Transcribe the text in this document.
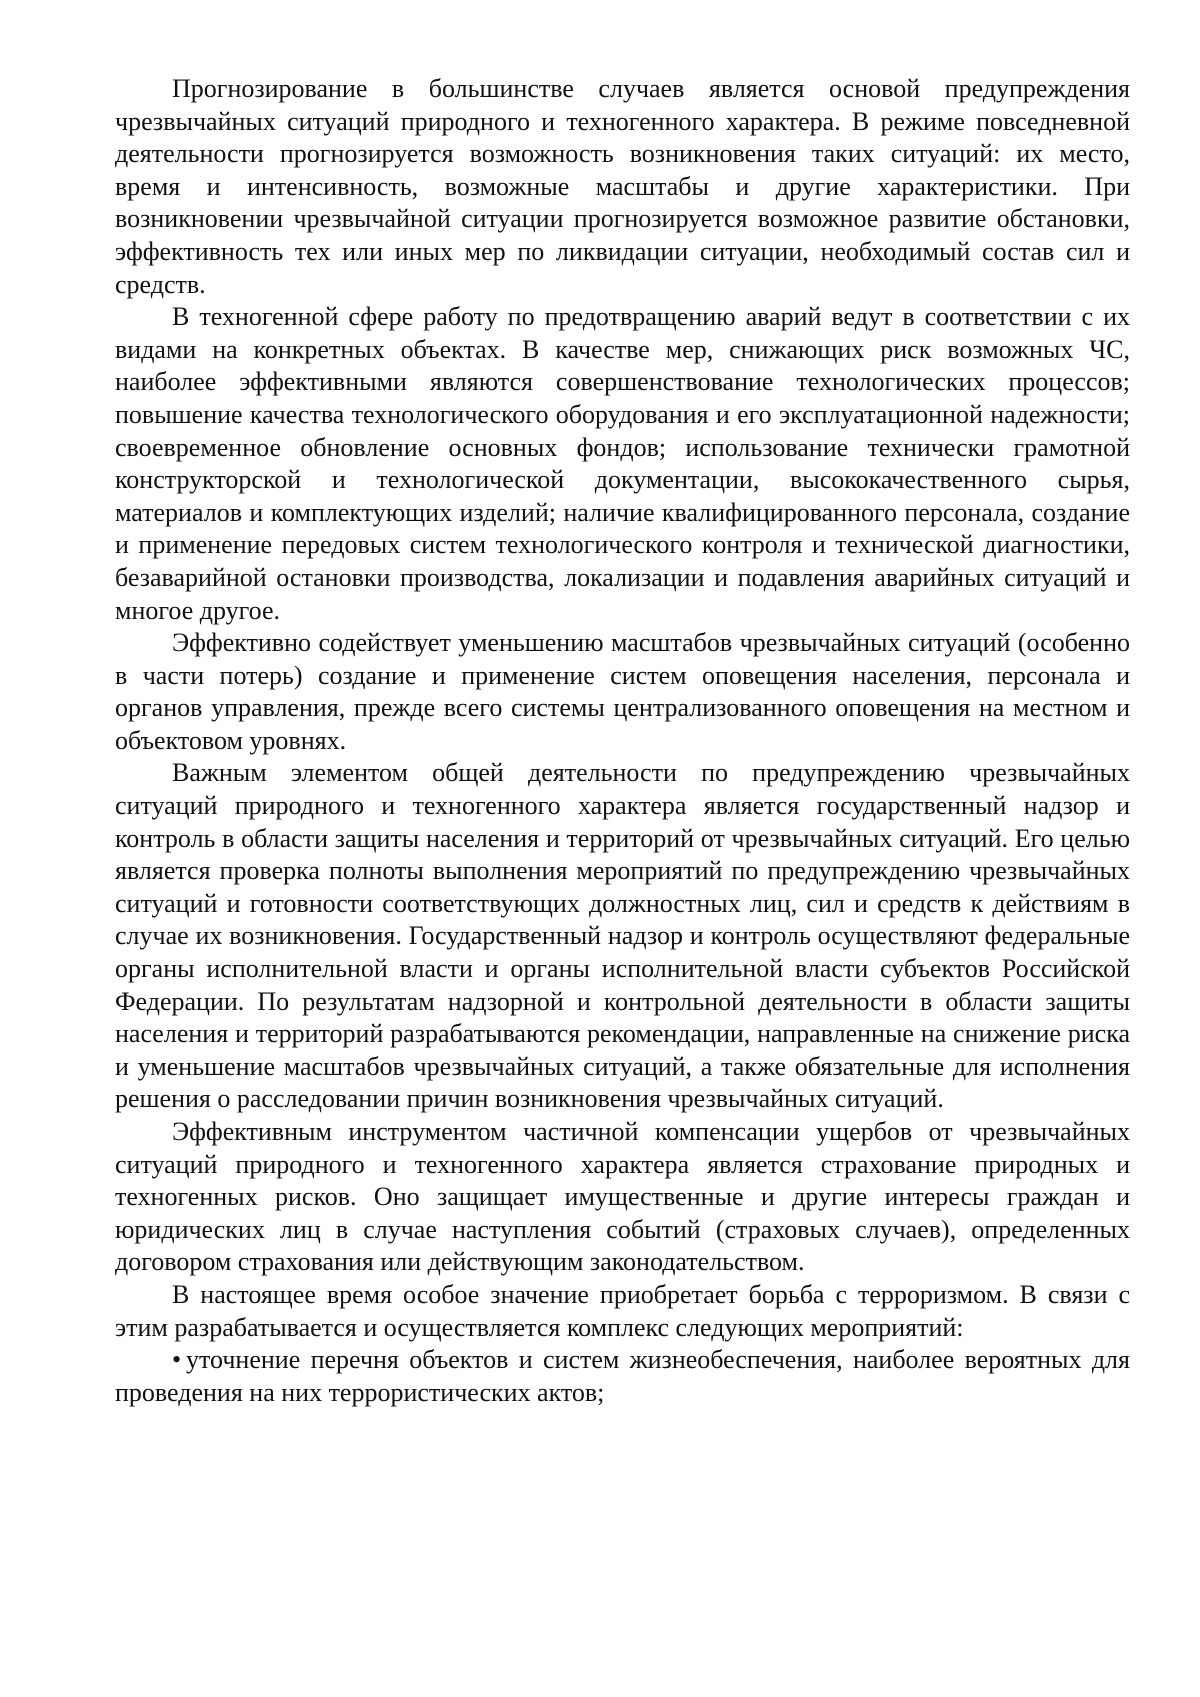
Прогнозирование в большинстве случаев является основой предупреждения чрезвычайных ситуаций природного и техногенного характера. В режиме повседневной деятельности прогнозируется возможность возникновения таких ситуаций: их место, время и интенсивность, возможные масштабы и другие характеристики. При возникновении чрезвычайной ситуации прогнозируется возможное развитие обстановки, эффективность тех или иных мер по ликвидации ситуации, необходимый состав сил и средств.

В техногенной сфере работу по предотвращению аварий ведут в соответствии с их видами на конкретных объектах. В качестве мер, снижающих риск возможных ЧС, наиболее эффективными являются совершенствование технологических процессов; повышение качества технологического оборудования и его эксплуатационной надежности; своевременное обновление основных фондов; использование технически грамотной конструкторской и технологической документации, высококачественного сырья, материалов и комплектующих изделий; наличие квалифицированного персонала, создание и применение передовых систем технологического контроля и технической диагностики, безаварийной остановки производства, локализации и подавления аварийных ситуаций и многое другое.

Эффективно содействует уменьшению масштабов чрезвычайных ситуаций (особенно в части потерь) создание и применение систем оповещения населения, персонала и органов управления, прежде всего системы централизованного оповещения на местном и объектовом уровнях.

Важным элементом общей деятельности по предупреждению чрезвычайных ситуаций природного и техногенного характера является государственный надзор и контроль в области защиты населения и территорий от чрезвычайных ситуаций. Его целью является проверка полноты выполнения мероприятий по предупреждению чрезвычайных ситуаций и готовности соответствующих должностных лиц, сил и средств к действиям в случае их возникновения. Государственный надзор и контроль осуществляют федеральные органы исполнительной власти и органы исполнительной власти субъектов Российской Федерации. По результатам надзорной и контрольной деятельности в области защиты населения и территорий разрабатываются рекомендации, направленные на снижение риска и уменьшение масштабов чрезвычайных ситуаций, а также обязательные для исполнения решения о расследовании причин возникновения чрезвычайных ситуаций.

Эффективным инструментом частичной компенсации ущербов от чрезвычайных ситуаций природного и техногенного характера является страхование природных и техногенных рисков. Оно защищает имущественные и другие интересы граждан и юридических лиц в случае наступления событий (страховых случаев), определенных договором страхования или действующим законодательством.

В настоящее время особое значение приобретает борьба с терроризмом. В связи с этим разрабатывается и осуществляется комплекс следующих мероприятий:

• уточнение перечня объектов и систем жизнеобеспечения, наиболее вероятных для проведения на них террористических актов;
